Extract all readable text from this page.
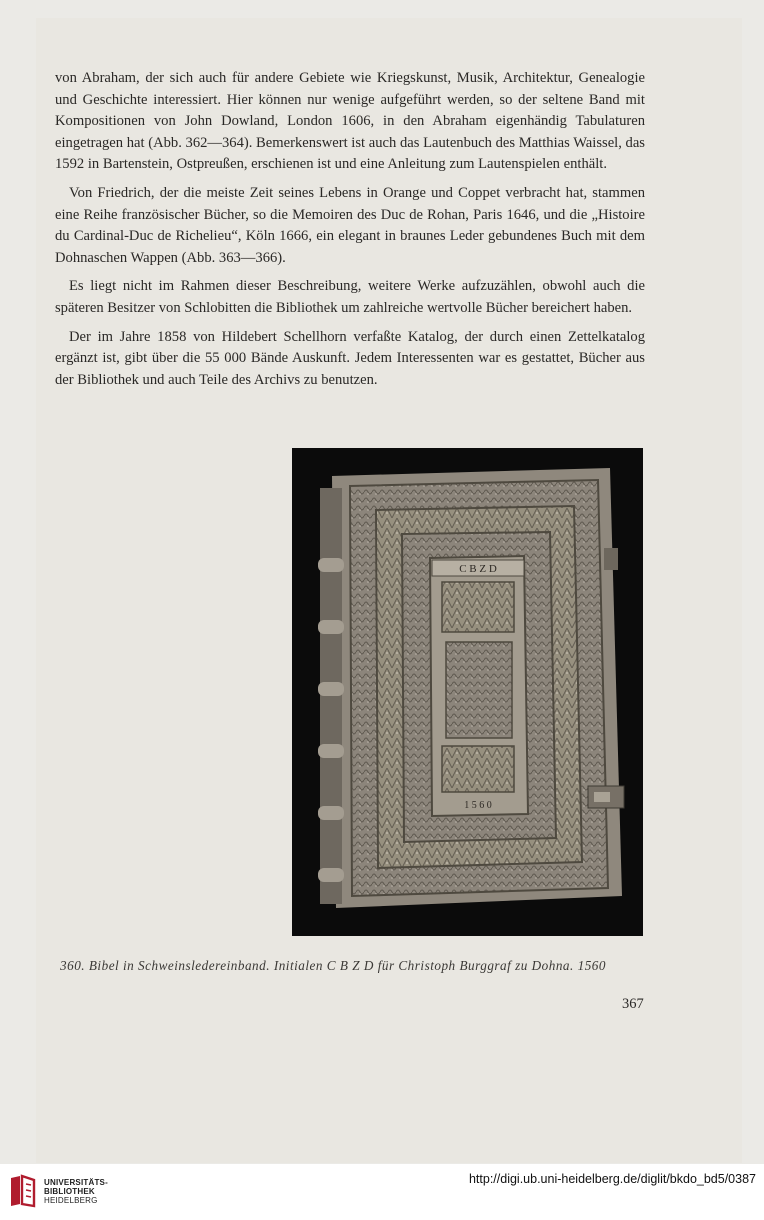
von Abraham, der sich auch für andere Gebiete wie Kriegskunst, Musik, Architektur, Genealogie und Geschichte interessiert. Hier können nur wenige aufgeführt werden, so der seltene Band mit Kompositionen von John Dowland, London 1606, in den Abraham eigenhändig Tabulaturen eingetragen hat (Abb. 362—364). Bemerkenswert ist auch das Lautenbuch des Matthias Waissel, das 1592 in Bartenstein, Ostpreußen, erschienen ist und eine Anleitung zum Lautenspielen enthält.

Von Friedrich, der die meiste Zeit seines Lebens in Orange und Coppet verbracht hat, stammen eine Reihe französischer Bücher, so die Memoiren des Duc de Rohan, Paris 1646, und die „Histoire du Cardinal-Duc de Richelieu“, Köln 1666, ein elegant in braunes Leder gebundenes Buch mit dem Dohnaschen Wappen (Abb. 363—366).

Es liegt nicht im Rahmen dieser Beschreibung, weitere Werke aufzuzählen, obwohl auch die späteren Besitzer von Schlobitten die Bibliothek um zahlreiche wertvolle Bücher bereichert haben.

Der im Jahre 1858 von Hildebert Schellhorn verfaßte Katalog, der durch einen Zettelkatalog ergänzt ist, gibt über die 55 000 Bände Auskunft. Jedem Interessenten war es gestattet, Bücher aus der Bibliothek und auch Teile des Archivs zu benutzen.

C B Z D
1 5 6 0
360. Bibel in Schweinsledereinband. Initialen C B Z D für Christoph Burggraf zu Dohna. 1560
367
UNIVERSITÄTS-
BIBLIOTHEK
HEIDELBERG
http://digi.ub.uni-heidelberg.de/diglit/bkdo_bd5/0387
